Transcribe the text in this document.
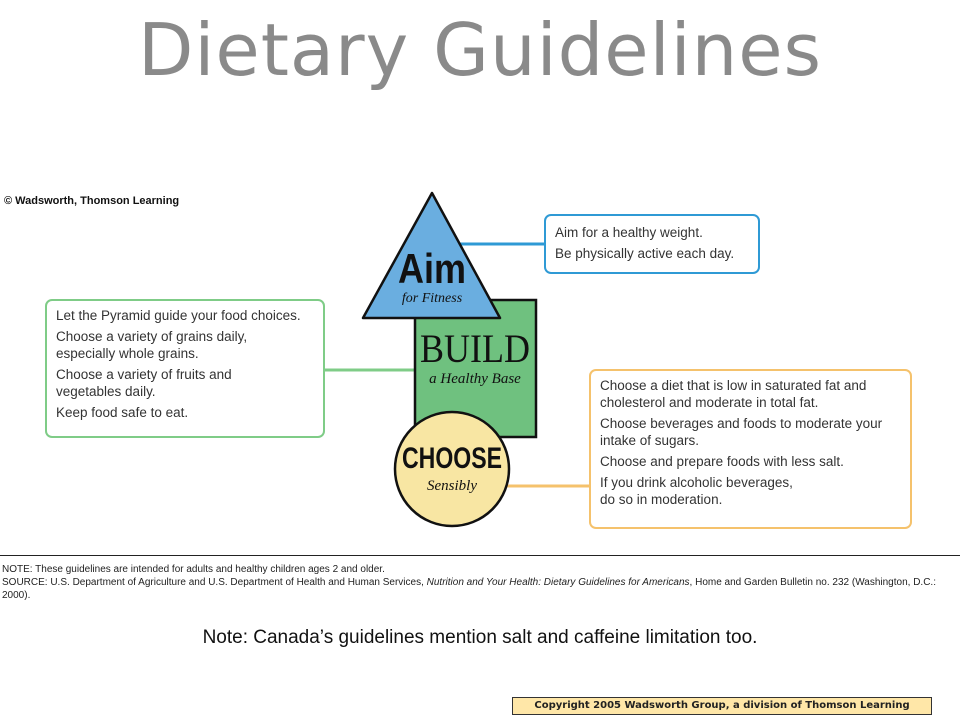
Dietary Guidelines
© Wadsworth, Thomson Learning
BUILD
a Healthy Base
Aim
for Fitness
CHOOSE
Sensibly

Aim for a healthy weight.

Be physically active each day.

Let the Pyramid guide your food choices.

Choose a variety of grains daily,
especially whole grains.

Choose a variety of fruits and
vegetables daily.

Keep food safe to eat.

Choose a diet that is low in saturated fat and
cholesterol and moderate in total fat.

Choose beverages and foods to moderate your
intake of sugars.

Choose and prepare foods with less salt.

If you drink alcoholic beverages,
do so in moderation.

NOTE: These guidelines are intended for adults and healthy children ages 2 and older.

SOURCE: U.S. Department of Agriculture and U.S. Department of Health and Human Services, Nutrition and Your Health: Dietary Guidelines for Americans, Home and Garden Bulletin no. 232 (Washington, D.C.: 2000).

Note: Canada’s guidelines mention salt and caffeine limitation too.
Copyright 2005 Wadsworth Group, a division of Thomson Learning
